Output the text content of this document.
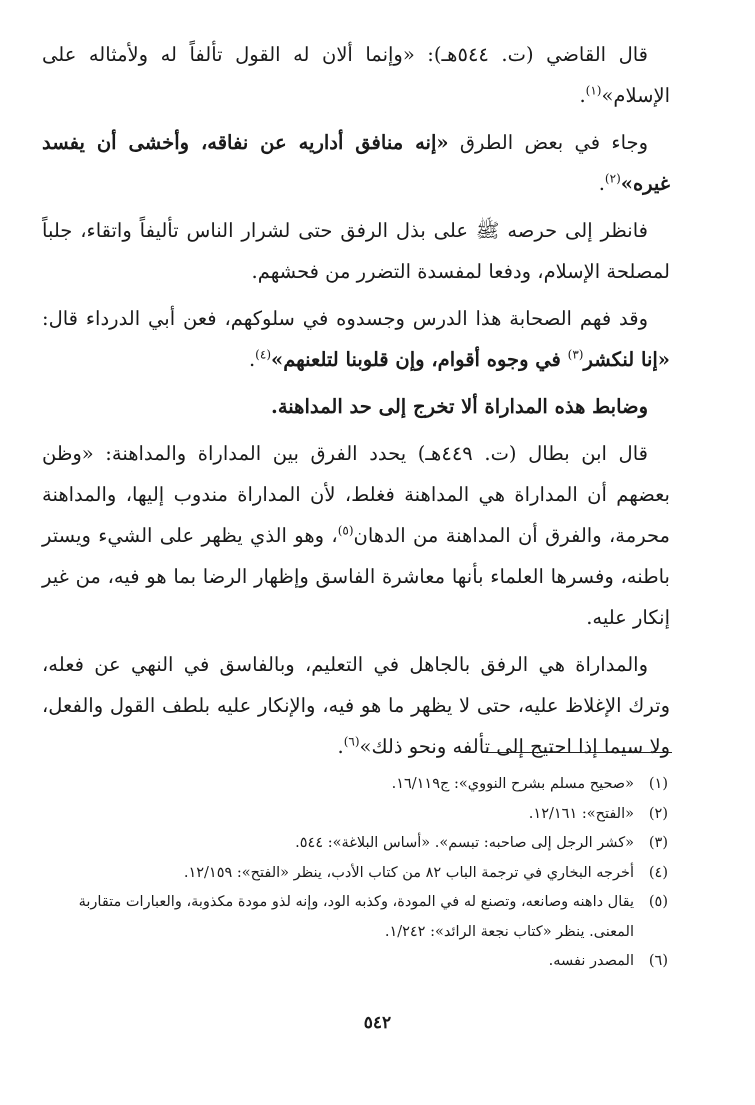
قال القاضي (ت. ٥٤٤هـ): «وإنما ألان له القول تألفاً له ولأمثاله على الإسلام»$^{(١)}$.

وجاء في بعض الطرق «إنه منافق أداريه عن نفاقه، وأخشى أن يفسد غيره»$^{(٢)}$.

فانظر إلى حرصه ﷺ على بذل الرفق حتى لشرار الناس تأليفاً واتقاء، جلباً لمصلحة الإسلام، ودفعا لمفسدة التضرر من فحشهم.

وقد فهم الصحابة هذا الدرس وجسدوه في سلوكهم، فعن أبي الدرداء قال: «إنا لنكشر$^{(٣)}$ في وجوه أقوام، وإن قلوبنا لتلعنهم»$^{(٤)}$.

وضابط هذه المداراة ألا تخرج إلى حد المداهنة.

قال ابن بطال (ت. ٤٤٩هـ) يحدد الفرق بين المداراة والمداهنة: «وظن بعضهم أن المداراة هي المداهنة فغلط، لأن المداراة مندوب إليها، والمداهنة محرمة، والفرق أن المداهنة من الدهان$^{(٥)}$، وهو الذي يظهر على الشيء ويستر باطنه، وفسرها العلماء بأنها معاشرة الفاسق وإظهار الرضا بما هو فيه، من غير إنكار عليه.

والمداراة هي الرفق بالجاهل في التعليم، وبالفاسق في النهي عن فعله، وترك الإغلاظ عليه، حتى لا يظهر ما هو فيه، والإنكار عليه بلطف القول والفعل، ولا سيما إذا احتيج إلى تألفه ونحو ذلك»$^{(٦)}$.

(١)
«صحيح مسلم بشرح النووي»: ج١٦/١١٩.
(٢)
«الفتح»: ١٢/١٦١.
(٣)
«كشر الرجل إلى صاحبه: تبسم». «أساس البلاغة»: ٥٤٤.
(٤)
أخرجه البخاري في ترجمة الباب ٨٢ من كتاب الأدب، ينظر «الفتح»: ١٢/١٥٩.
(٥)
يقال داهنه وصانعه، وتصنع له في المودة، وكذبه الود، وإنه لذو مودة مكذوبة، والعبارات متقاربة المعنى. ينظر «كتاب نجعة الرائد»: ١/٢٤٢.
(٦)
المصدر نفسه.
٥٤٢
